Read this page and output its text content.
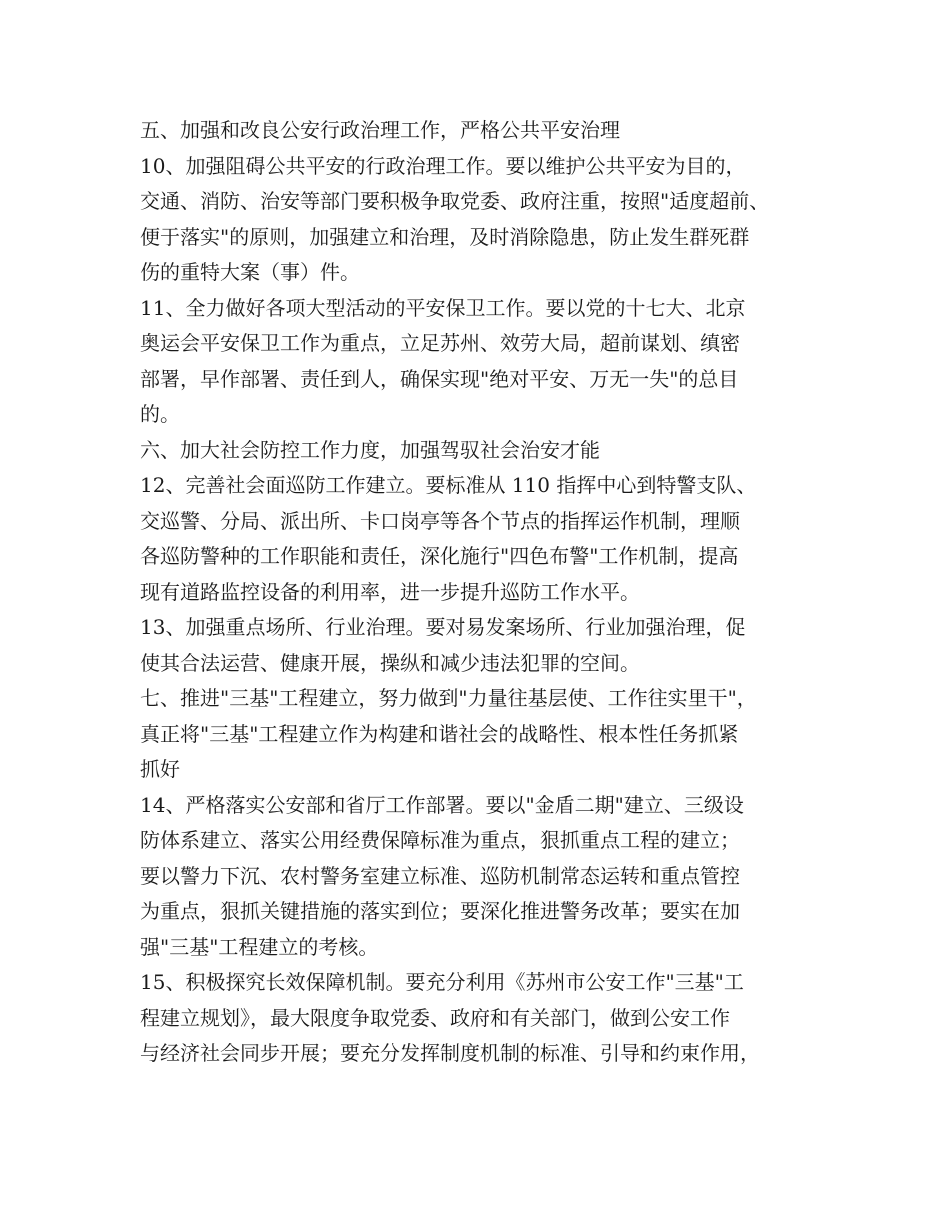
五、加强和改良公安行政治理工作，严格公共平安治理
10、加强阻碍公共平安的行政治理工作。要以维护公共平安为目的，
交通、消防、治安等部门要积极争取党委、政府注重，按照"适度超前、
便于落实"的原则，加强建立和治理，及时消除隐患，防止发生群死群
伤的重特大案（事）件。
11、全力做好各项大型活动的平安保卫工作。要以党的十七大、北京
奥运会平安保卫工作为重点，立足苏州、效劳大局，超前谋划、缜密
部署，早作部署、责任到人，确保实现"绝对平安、万无一失"的总目
的。
六、加大社会防控工作力度，加强驾驭社会治安才能
12、完善社会面巡防工作建立。要标准从 110 指挥中心到特警支队、
交巡警、分局、派出所、卡口岗亭等各个节点的指挥运作机制，理顺
各巡防警种的工作职能和责任，深化施行"四色布警"工作机制，提高
现有道路监控设备的利用率，进一步提升巡防工作水平。
13、加强重点场所、行业治理。要对易发案场所、行业加强治理，促
使其合法运营、健康开展，操纵和减少违法犯罪的空间。
七、推进"三基"工程建立，努力做到"力量往基层使、工作往实里干"，
真正将"三基"工程建立作为构建和谐社会的战略性、根本性任务抓紧
抓好
14、严格落实公安部和省厅工作部署。要以"金盾二期"建立、三级设
防体系建立、落实公用经费保障标准为重点，狠抓重点工程的建立；
要以警力下沉、农村警务室建立标准、巡防机制常态运转和重点管控
为重点，狠抓关键措施的落实到位；要深化推进警务改革；要实在加
强"三基"工程建立的考核。
15、积极探究长效保障机制。要充分利用《苏州市公安工作"三基"工
程建立规划》，最大限度争取党委、政府和有关部门，做到公安工作
与经济社会同步开展；要充分发挥制度机制的标准、引导和约束作用，
